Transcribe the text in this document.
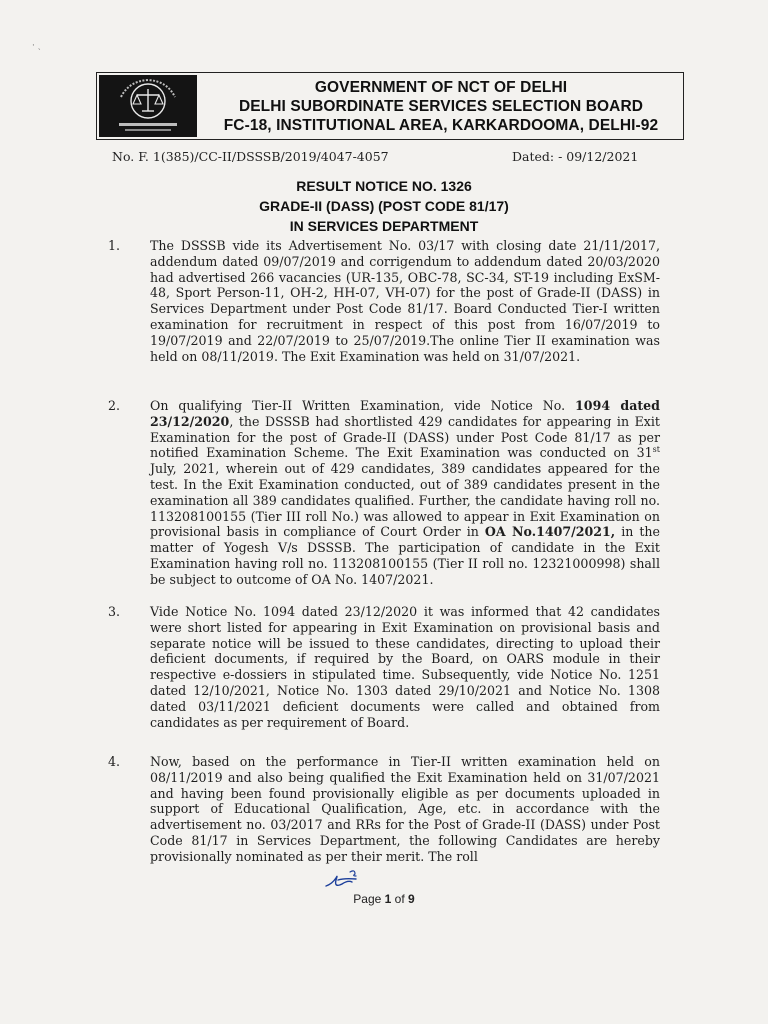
· ˎ
GOVERNMENT OF NCT OF DELHI
DELHI SUBORDINATE SERVICES SELECTION BOARD
FC-18, INSTITUTIONAL AREA, KARKARDOOMA, DELHI-92
No. F. 1(385)/CC-II/DSSSB/2019/4047-4057	Dated: - 09/12/2021
RESULT NOTICE NO. 1326
GRADE-II (DASS) (POST CODE 81/17)
IN SERVICES DEPARTMENT
1. The DSSSB vide its Advertisement No. 03/17 with closing date 21/11/2017, addendum dated 09/07/2019 and corrigendum to addendum dated 20/03/2020 had advertised 266 vacancies (UR-135, OBC-78, SC-34, ST-19 including ExSM-48, Sport Person-11, OH-2, HH-07, VH-07) for the post of Grade-II (DASS) in Services Department under Post Code 81/17. Board Conducted Tier-I written examination for recruitment in respect of this post from 16/07/2019 to 19/07/2019 and 22/07/2019 to 25/07/2019.The online Tier II examination was held on 08/11/2019. The Exit Examination was held on 31/07/2021.
2. On qualifying Tier-II Written Examination, vide Notice No. 1094 dated 23/12/2020, the DSSSB had shortlisted 429 candidates for appearing in Exit Examination for the post of Grade-II (DASS) under Post Code 81/17 as per notified Examination Scheme. The Exit Examination was conducted on 31st July, 2021, wherein out of 429 candidates, 389 candidates appeared for the test. In the Exit Examination conducted, out of 389 candidates present in the examination all 389 candidates qualified. Further, the candidate having roll no. 113208100155 (Tier III roll No.) was allowed to appear in Exit Examination on provisional basis in compliance of Court Order in OA No.1407/2021, in the matter of Yogesh V/s DSSSB. The participation of candidate in the Exit Examination having roll no. 113208100155 (Tier II roll no. 12321000998) shall be subject to outcome of OA No. 1407/2021.
3. Vide Notice No. 1094 dated 23/12/2020 it was informed that 42 candidates were short listed for appearing in Exit Examination on provisional basis and separate notice will be issued to these candidates, directing to upload their deficient documents, if required by the Board, on OARS module in their respective e-dossiers in stipulated time. Subsequently, vide Notice No. 1251 dated 12/10/2021, Notice No. 1303 dated 29/10/2021 and Notice No. 1308 dated 03/11/2021 deficient documents were called and obtained from candidates as per requirement of Board.
4. Now, based on the performance in Tier-II written examination held on 08/11/2019 and also being qualified the Exit Examination held on 31/07/2021 and having been found provisionally eligible as per documents uploaded in support of Educational Qualification, Age, etc. in accordance with the advertisement no. 03/2017 and RRs for the Post of Grade-II (DASS) under Post Code 81/17 in Services Department, the following Candidates are hereby provisionally nominated as per their merit. The roll
Page 1 of 9
